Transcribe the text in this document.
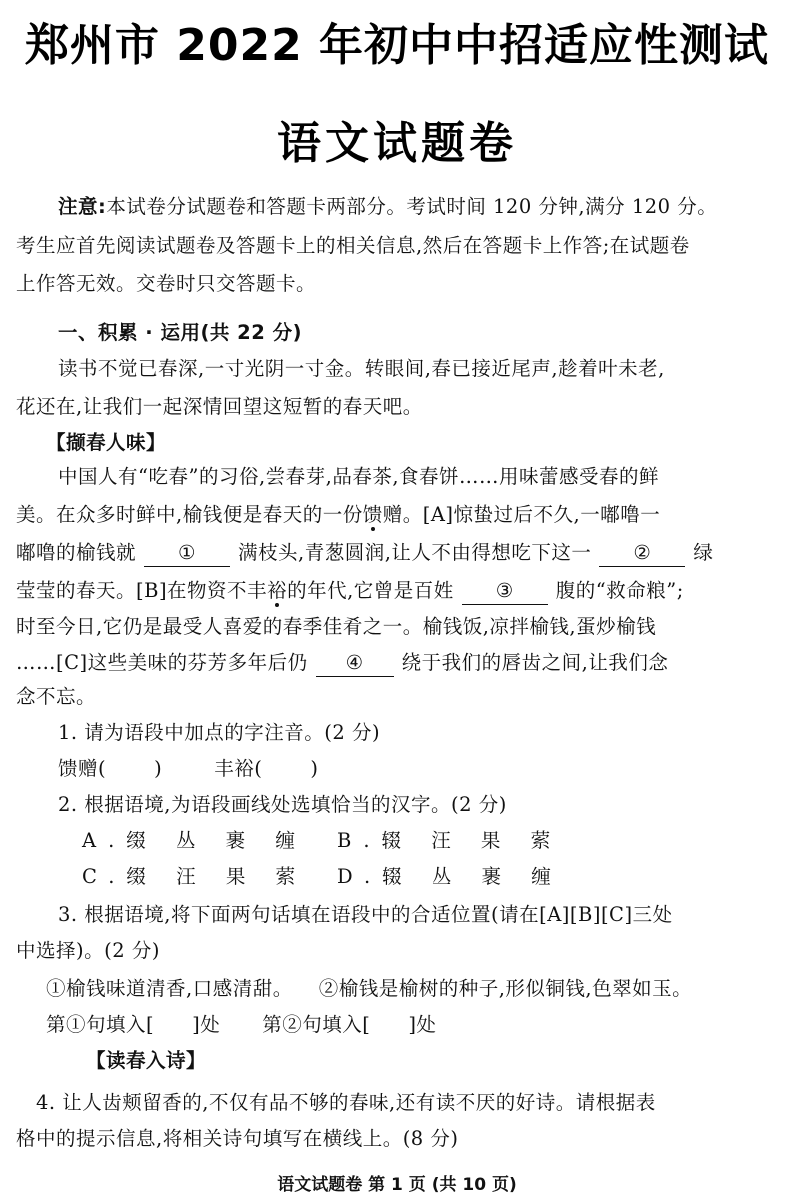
郑州市 2022 年初中中招适应性测试
语文试题卷
注意:本试卷分试题卷和答题卡两部分。考试时间 120 分钟,满分 120 分。
考生应首先阅读试题卷及答题卡上的相关信息,然后在答题卡上作答;在试题卷
上作答无效。交卷时只交答题卡。
一、积累 · 运用(共 22 分)
读书不觉已春深,一寸光阴一寸金。转眼间,春已接近尾声,趁着叶未老,
花还在,让我们一起深情回望这短暂的春天吧。
【撷春人味】
中国人有“吃春”的习俗,尝春芽,品春茶,食春饼……用味蕾感受春的鲜
美。在众多时鲜中,榆钱便是春天的一份馈赠。[A]惊蛰过后不久,一嘟噜一
嘟噜的榆钱就 ① 满枝头,青葱圆润,让人不由得想吃下这一 ② 绿
莹莹的春天。[B]在物资不丰裕的年代,它曾是百姓 ③ 腹的“救命粮”;
时至今日,它仍是最受人喜爱的春季佳肴之一。榆钱饭,凉拌榆钱,蛋炒榆钱
……[C]这些美味的芬芳多年后仍 ④ 绕于我们的唇齿之间,让我们念
念不忘。
1. 请为语段中加点的字注音。(2 分)
馈赠( )	丰裕( )
2. 根据语境,为语段画线处选填恰当的汉字。(2 分)
A.缀 丛 裹 缠 B.辍 汪 果 萦
C.缀 汪 果 萦 D.辍 丛 裹 缠
3. 根据语境,将下面两句话填在语段中的合适位置(请在[A][B][C]三处
中选择)。(2 分)
①榆钱味道清香,口感清甜。 ②榆钱是榆树的种子,形似铜钱,色翠如玉。
第①句填入[ ]处 第②句填入[ ]处
【读春入诗】
4. 让人齿颊留香的,不仅有品不够的春味,还有读不厌的好诗。请根据表
格中的提示信息,将相关诗句填写在横线上。(8 分)
语文试题卷 第 1 页 (共 10 页)
